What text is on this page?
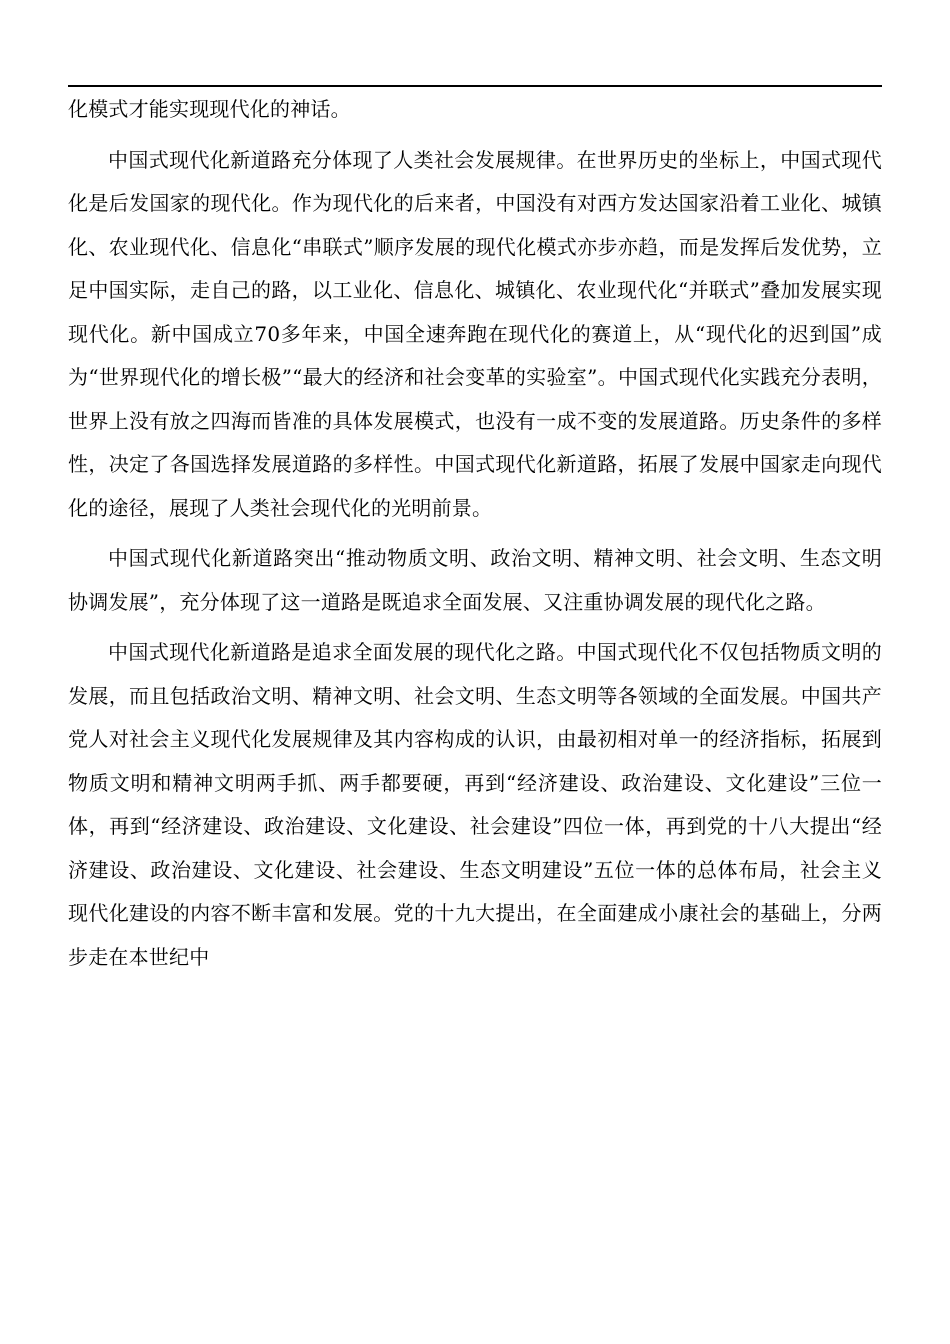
化模式才能实现现代化的神话。

中国式现代化新道路充分体现了人类社会发展规律。在世界历史的坐标上，中国式现代化是后发国家的现代化。作为现代化的后来者，中国没有对西方发达国家沿着工业化、城镇化、农业现代化、信息化“串联式”顺序发展的现代化模式亦步亦趋，而是发挥后发优势，立足中国实际，走自己的路，以工业化、信息化、城镇化、农业现代化“并联式”叠加发展实现现代化。新中国成立70多年来，中国全速奔跑在现代化的赛道上，从“现代化的迟到国”成为“世界现代化的增长极”“最大的经济和社会变革的实验室”。中国式现代化实践充分表明，世界上没有放之四海而皆准的具体发展模式，也没有一成不变的发展道路。历史条件的多样性，决定了各国选择发展道路的多样性。中国式现代化新道路，拓展了发展中国家走向现代化的途径，展现了人类社会现代化的光明前景。

中国式现代化新道路突出“推动物质文明、政治文明、精神文明、社会文明、生态文明协调发展”，充分体现了这一道路是既追求全面发展、又注重协调发展的现代化之路。

中国式现代化新道路是追求全面发展的现代化之路。中国式现代化不仅包括物质文明的发展，而且包括政治文明、精神文明、社会文明、生态文明等各领域的全面发展。中国共产党人对社会主义现代化发展规律及其内容构成的认识，由最初相对单一的经济指标，拓展到物质文明和精神文明两手抓、两手都要硬，再到“经济建设、政治建设、文化建设”三位一体，再到“经济建设、政治建设、文化建设、社会建设”四位一体，再到党的十八大提出“经济建设、政治建设、文化建设、社会建设、生态文明建设”五位一体的总体布局，社会主义现代化建设的内容不断丰富和发展。党的十九大提出，在全面建成小康社会的基础上，分两步走在本世纪中
